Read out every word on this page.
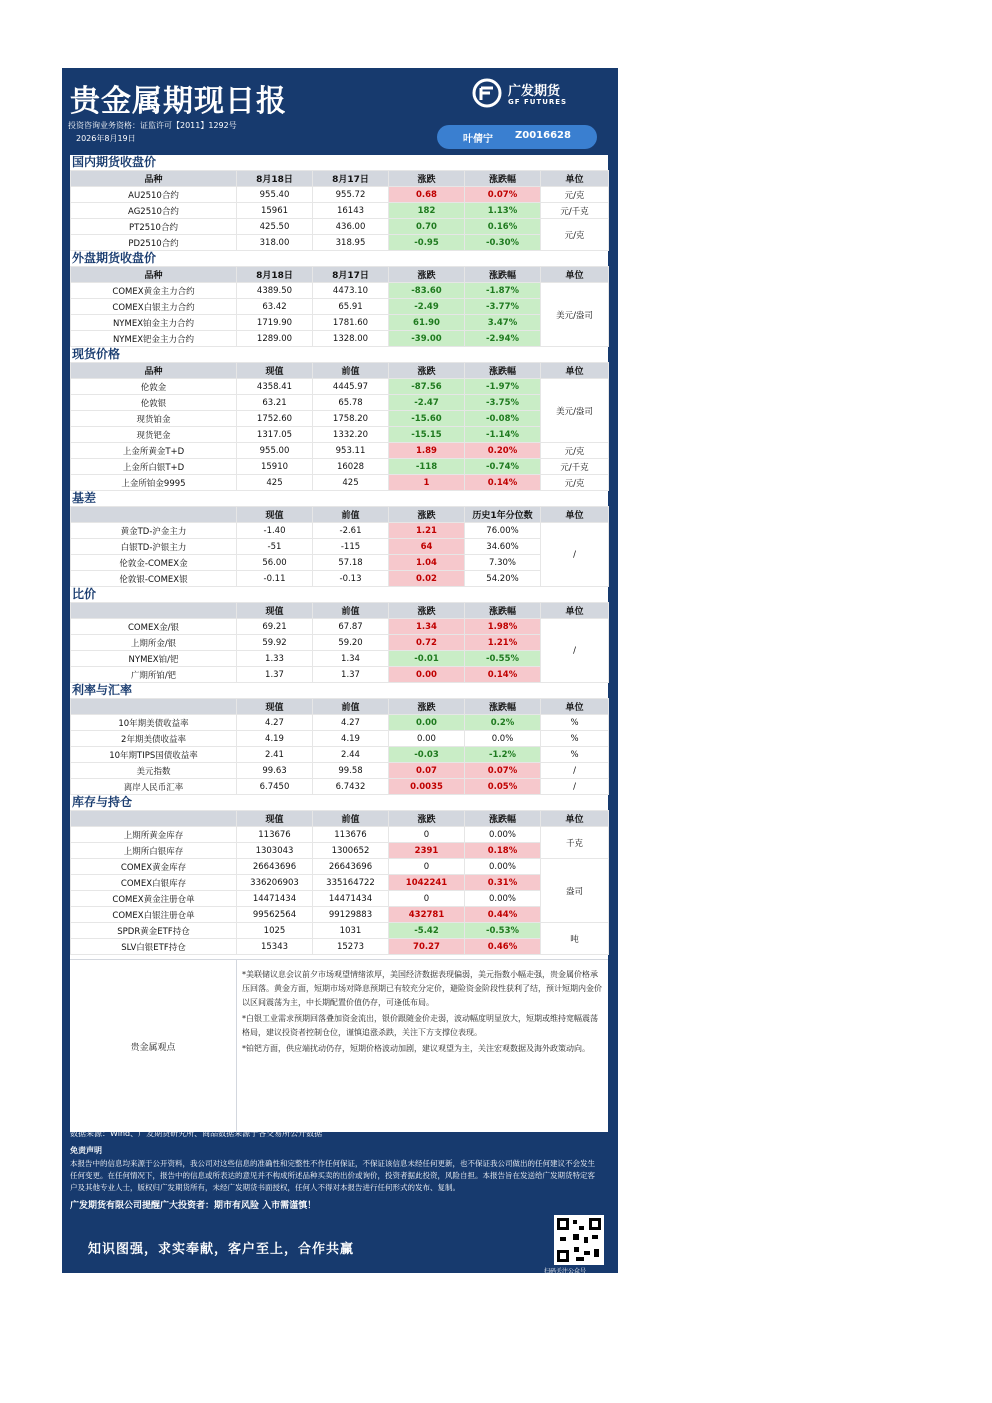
贵金属期现日报
投资咨询业务资格：证监许可【2011】1292号
2026年8月19日
广发期货
GF FUTURES
叶倩宁 Z0016628
国内期货收盘价
品种	8月18日	8月17日	涨跌	涨跌幅	单位
AU2510合约	955.40	955.72	0.68	0.07%	元/克
AG2510合约	15961	16143	182	1.13%	元/千克
PT2510合约	425.50	436.00	0.70	0.16%	元/克
PD2510合约	318.00	318.95	-0.95	-0.30%	
外盘期货收盘价
品种	8月18日	8月17日	涨跌	涨跌幅	单位
COMEX黄金主力合约	4389.50	4473.10	-83.60	-1.87%	美元/盎司
COMEX白银主力合约	63.42	65.91	-2.49	-3.77%	
NYMEX铂金主力合约	1719.90	1781.60	61.90	3.47%	
NYMEX钯金主力合约	1289.00	1328.00	-39.00	-2.94%	
现货价格
品种	现值	前值	涨跌	涨跌幅	单位
伦敦金	4358.41	4445.97	-87.56	-1.97%	美元/盎司
伦敦银	63.21	65.78	-2.47	-3.75%	
现货铂金	1752.60	1758.20	-15.60	-0.08%	
现货钯金	1317.05	1332.20	-15.15	-1.14%	
上金所黄金T+D	955.00	953.11	1.89	0.20%	元/克
上金所白银T+D	15910	16028	-118	-0.74%	元/千克
上金所铂金9995	425	425	1	0.14%	元/克
基差
	现值	前值	涨跌	历史1年分位数	单位
黄金TD-沪金主力	-1.40	-2.61	1.21	76.00%	/
白银TD-沪银主力	-51	-115	64	34.60%	
伦敦金-COMEX金	56.00	57.18	1.04	7.30%	
伦敦银-COMEX银	-0.11	-0.13	0.02	54.20%	
比价
	现值	前值	涨跌	涨跌幅	单位
COMEX金/银	69.21	67.87	1.34	1.98%	/
上期所金/银	59.92	59.20	0.72	1.21%	
NYMEX铂/钯	1.33	1.34	-0.01	-0.55%	
广期所铂/钯	1.37	1.37	0.00	0.14%	
利率与汇率
	现值	前值	涨跌	涨跌幅	单位
10年期美债收益率	4.27	4.27	0.00	0.2%	%
2年期美债收益率	4.19	4.19	0.00	0.0%	%
10年期TIPS国债收益率	2.41	2.44	-0.03	-1.2%	%
美元指数	99.63	99.58	0.07	0.07%	/
离岸人民币汇率	6.7450	6.7432	0.0035	0.05%	/
库存与持仓
	现值	前值	涨跌	涨跌幅	单位
上期所黄金库存	113676	113676	0	0.00%	千克
上期所白银库存	1303043	1300652	2391	0.18%	
COMEX黄金库存	26643696	26643696	0	0.00%	盎司
COMEX白银库存	336206903	335164722	1042241	0.31%	
COMEX黄金注册仓单	14471434	14471434	0	0.00%	
COMEX白银注册仓单	99562564	99129883	432781	0.44%	
SPDR黄金ETF持仓	1025	1031	-5.42	-0.53%	吨
SLV白银ETF持仓	15343	15273	70.27	0.46%	
贵金属观点

*美联储议息会议前夕市场观望情绪浓厚，美国经济数据表现偏弱，美元指数小幅走强，贵金属价格承压回落。黄金方面，短期市场对降息预期已有较充分定价，避险资金阶段性获利了结，预计短期内金价以区间震荡为主，中长期配置价值仍存，可逢低布局。

*白银工业需求预期回落叠加资金流出，银价跟随金价走弱，波动幅度明显放大，短期或维持宽幅震荡格局，建议投资者控制仓位，谨慎追涨杀跌，关注下方支撑位表现。

*铂钯方面，供应端扰动仍存，短期价格波动加剧，建议观望为主，关注宏观数据及海外政策动向。

数据来源：Wind、广发期货研究所、商品数据来源于各交易所公开数据
免责声明
本报告中的信息均来源于公开资料，我公司对这些信息的准确性和完整性不作任何保证，不保证该信息未经任何更新，也不保证我公司做出的任何建议不会发生任何变更。在任何情况下，报告中的信息或所表达的意见并不构成所述品种买卖的出价或询价，投资者据此投资，风险自担。本报告旨在发送给广发期货特定客户及其他专业人士，版权归广发期货所有，未经广发期货书面授权，任何人不得对本报告进行任何形式的发布、复制。
广发期货有限公司提醒广大投资者：期市有风险 入市需谨慎！
知识图强，求实奉献，客户至上，合作共赢
扫码关注公众号
